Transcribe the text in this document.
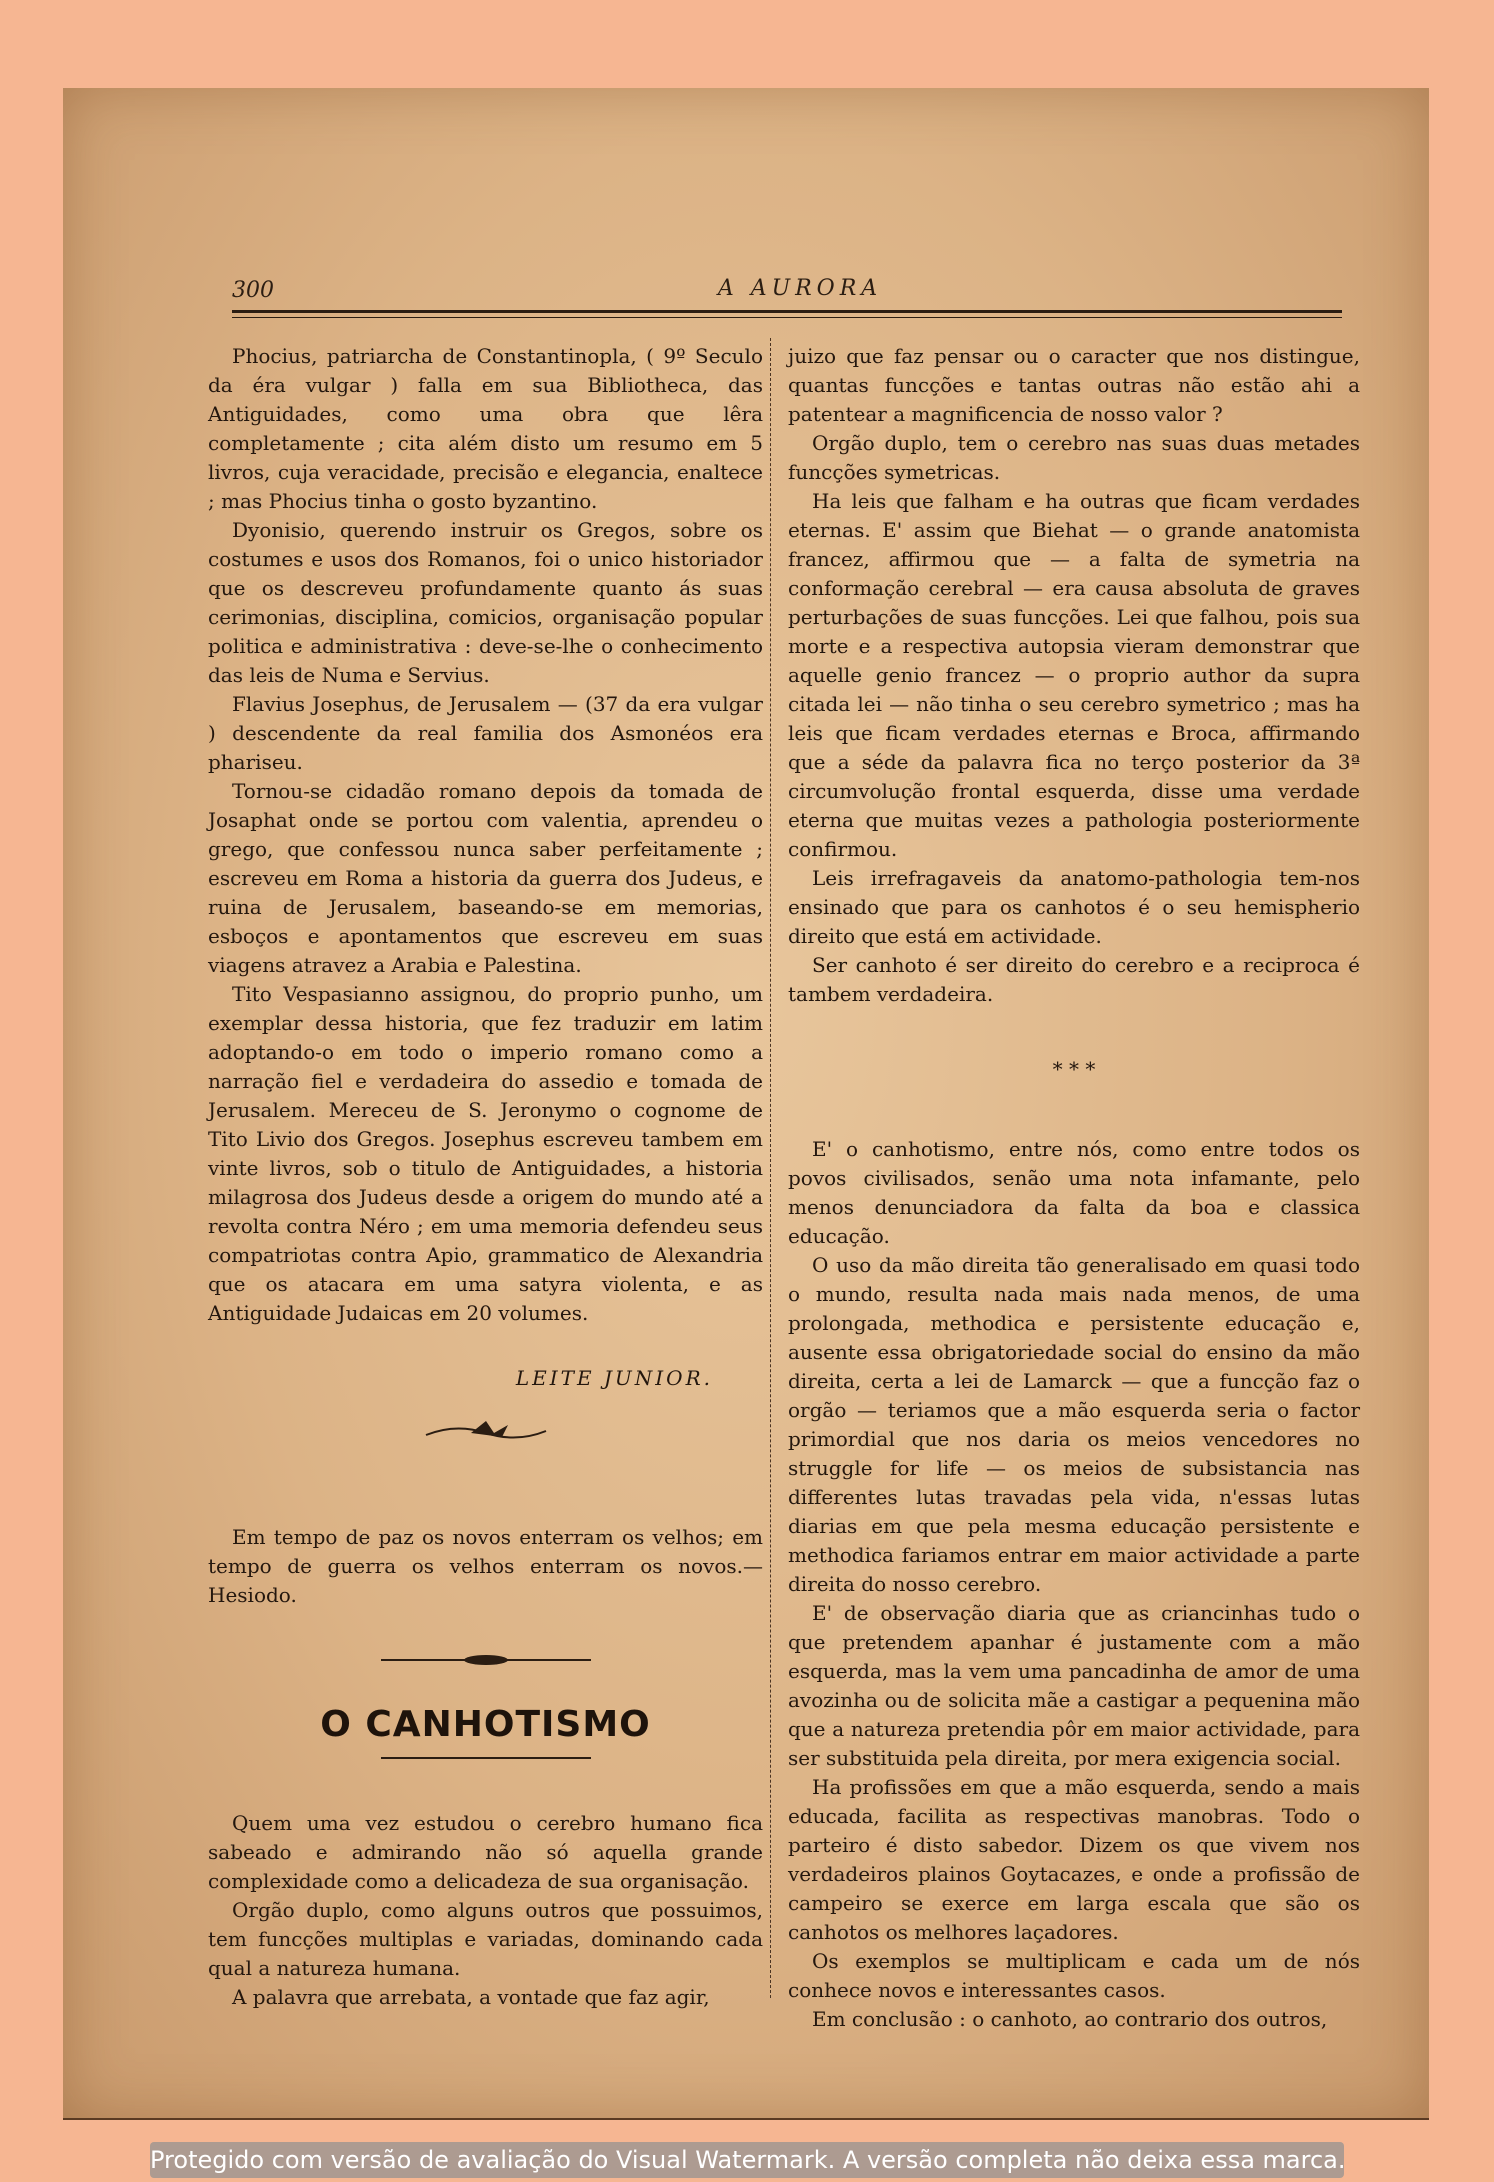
300	A AURORA

Phocius, patriarcha de Constantinopla, ( 9º Seculo da éra vulgar ) falla em sua Bibliotheca, das Antiguidades, como uma obra que lêra completamente ; cita além disto um resumo em 5 livros, cuja veracidade, precisão e elegancia, enaltece ; mas Phocius tinha o gosto byzantino.

Dyonisio, querendo instruir os Gregos, sobre os costumes e usos dos Romanos, foi o unico historiador que os descreveu profundamente quanto ás suas cerimonias, disciplina, comicios, organisação popular politica e administrativa : deve-se-lhe o conhecimento das leis de Numa e Servius.

Flavius Josephus, de Jerusalem — (37 da era vulgar ) descendente da real familia dos Asmonéos era phariseu.

Tornou-se cidadão romano depois da tomada de Josaphat onde se portou com valentia, aprendeu o grego, que confessou nunca saber perfeitamente ; escreveu em Roma a historia da guerra dos Judeus, e ruina de Jerusalem, baseando-se em memorias, esboços e apontamentos que escreveu em suas viagens atravez a Arabia e Palestina.

Tito Vespasianno assignou, do proprio punho, um exemplar dessa historia, que fez traduzir em latim adoptando-o em todo o imperio romano como a narração fiel e verdadeira do assedio e tomada de Jerusalem. Mereceu de S. Jeronymo o cognome de Tito Livio dos Gregos. Josephus escreveu tambem em vinte livros, sob o titulo de Antiguidades, a historia milagrosa dos Judeus desde a origem do mundo até a revolta contra Néro ; em uma memoria defendeu seus compatriotas contra Apio, grammatico de Alexandria que os atacara em uma satyra violenta, e as Antiguidade Judaicas em 20 volumes.

LEITE JUNIOR.

Em tempo de paz os novos enterram os velhos; em tempo de guerra os velhos enterram os novos.— Hesiodo.

O CANHOTISMO

Quem uma vez estudou o cerebro humano fica sabeado e admirando não só aquella grande complexidade como a delicadeza de sua organisação.

Orgão duplo, como alguns outros que possuimos, tem funcções multiplas e variadas, dominando cada qual a natureza humana.

A palavra que arrebata, a vontade que faz agir,

juizo que faz pensar ou o caracter que nos distingue, quantas funcções e tantas outras não estão ahi a patentear a magnificencia de nosso valor ?

Orgão duplo, tem o cerebro nas suas duas metades funcções symetricas.

Ha leis que falham e ha outras que ficam verdades eternas. E' assim que Biehat — o grande anatomista francez, affirmou que — a falta de symetria na conformação cerebral — era causa absoluta de graves perturbações de suas funcções. Lei que falhou, pois sua morte e a respectiva autopsia vieram demonstrar que aquelle genio francez — o proprio author da supra citada lei — não tinha o seu cerebro symetrico ; mas ha leis que ficam verdades eternas e Broca, affirmando que a séde da palavra fica no terço posterior da 3ª circumvolução frontal esquerda, disse uma verdade eterna que muitas vezes a pathologia posteriormente confirmou.

Leis irrefragaveis da anatomo-pathologia tem-nos ensinado que para os canhotos é o seu hemispherio direito que está em actividade.

Ser canhoto é ser direito do cerebro e a reciproca é tambem verdadeira.

* * *

E' o canhotismo, entre nós, como entre todos os povos civilisados, senão uma nota infamante, pelo menos denunciadora da falta da boa e classica educação.

O uso da mão direita tão generalisado em quasi todo o mundo, resulta nada mais nada menos, de uma prolongada, methodica e persistente educação e, ausente essa obrigatoriedade social do ensino da mão direita, certa a lei de Lamarck — que a funcção faz o orgão — teriamos que a mão esquerda seria o factor primordial que nos daria os meios vencedores no struggle for life — os meios de subsistancia nas differentes lutas travadas pela vida, n'essas lutas diarias em que pela mesma educação persistente e methodica fariamos entrar em maior actividade a parte direita do nosso cerebro.

E' de observação diaria que as criancinhas tudo o que pretendem apanhar é justamente com a mão esquerda, mas la vem uma pancadinha de amor de uma avozinha ou de solicita mãe a castigar a pequenina mão que a natureza pretendia pôr em maior actividade, para ser substituida pela direita, por mera exigencia social.

Ha profissões em que a mão esquerda, sendo a mais educada, facilita as respectivas manobras. Todo o parteiro é disto sabedor. Dizem os que vivem nos verdadeiros plainos Goytacazes, e onde a profissão de campeiro se exerce em larga escala que são os canhotos os melhores laçadores.

Os exemplos se multiplicam e cada um de nós conhece novos e interessantes casos.

Em conclusão : o canhoto, ao contrario dos outros,

Protegido com versão de avaliação do Visual Watermark. A versão completa não deixa essa marca.
